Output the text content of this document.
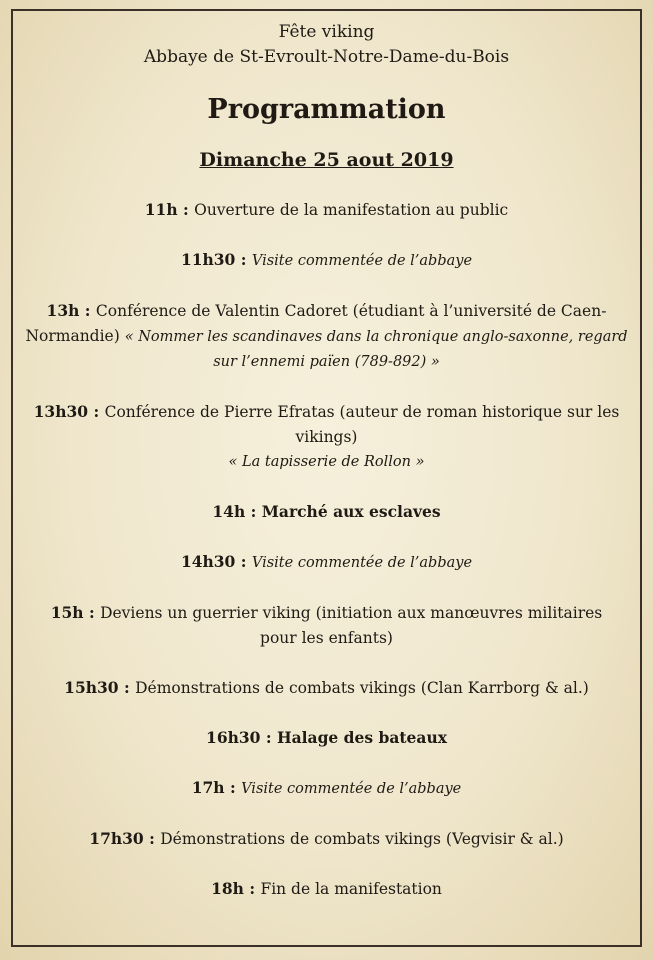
Fête viking
Abbaye de St-Evroult-Notre-Dame-du-Bois
Programmation
Dimanche 25 aout 2019
11h : Ouverture de la manifestation au public
11h30 : Visite commentée de l’abbaye
13h : Conférence de Valentin Cadoret (étudiant à l’université de Caen-
Normandie) « Nommer les scandinaves dans la chronique anglo-saxonne, regard
sur l’ennemi païen (789-892) »
13h30 : Conférence de Pierre Efratas (auteur de roman historique sur les
vikings)
« La tapisserie de Rollon »
14h : Marché aux esclaves
14h30 : Visite commentée de l’abbaye
15h : Deviens un guerrier viking (initiation aux manœuvres militaires
pour les enfants)
15h30 : Démonstrations de combats vikings (Clan Karrborg & al.)
16h30 : Halage des bateaux
17h : Visite commentée de l’abbaye
17h30 : Démonstrations de combats vikings (Vegvisir & al.)
18h : Fin de la manifestation
